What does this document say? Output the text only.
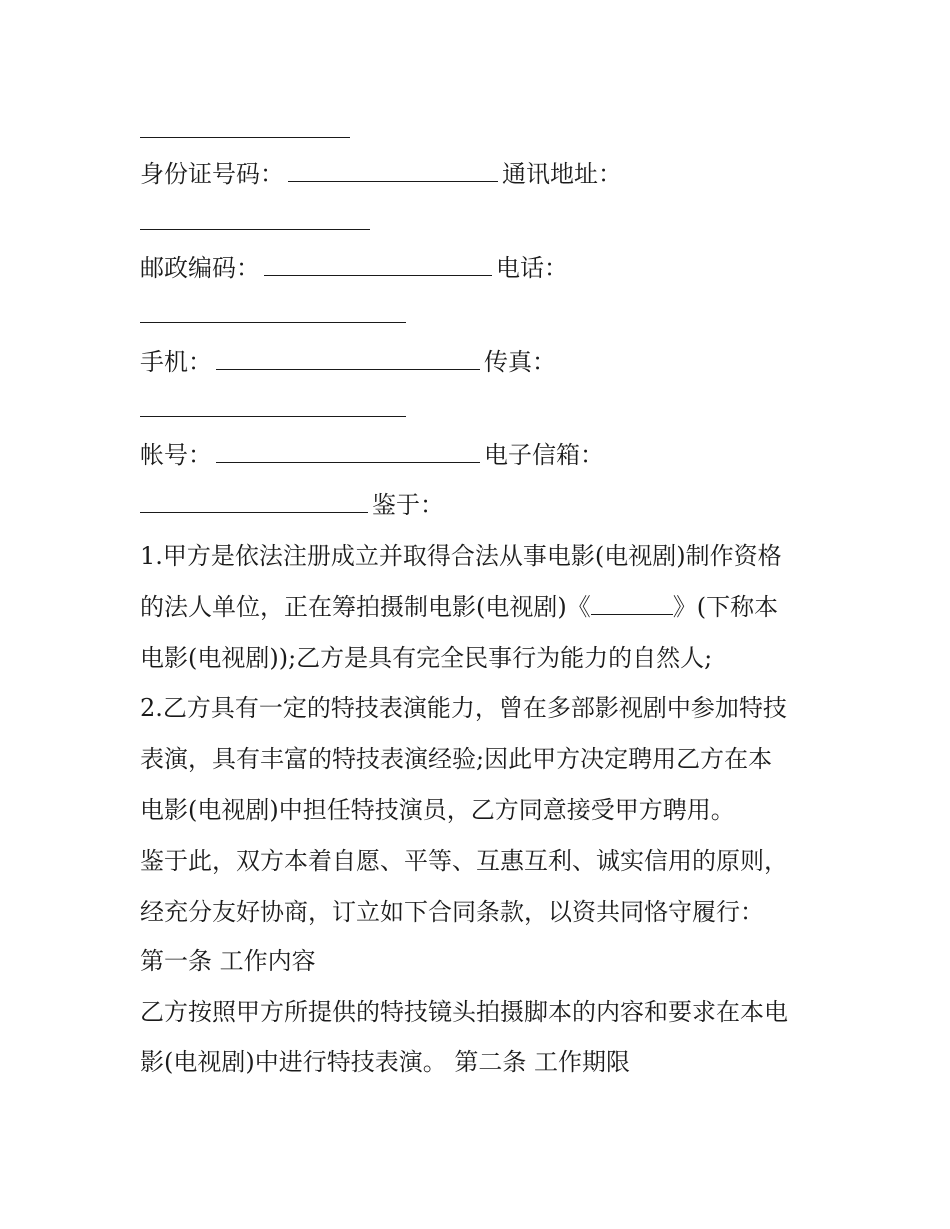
身份证号码：	通讯地址：

邮政编码：	电话：

手机：	传真：

帐号：	电子信箱：

鉴于：

1.甲方是依法注册成立并取得合法从事电影(电视剧)制作资格

的法人单位，正在筹拍摄制电影(电视剧)《	》(下称本

电影(电视剧));乙方是具有完全民事行为能力的自然人;

2.乙方具有一定的特技表演能力，曾在多部影视剧中参加特技

表演，具有丰富的特技表演经验;因此甲方决定聘用乙方在本

电影(电视剧)中担任特技演员，乙方同意接受甲方聘用。

鉴于此，双方本着自愿、平等、互惠互利、诚实信用的原则，

经充分友好协商，订立如下合同条款，以资共同恪守履行：

第一条 工作内容

乙方按照甲方所提供的特技镜头拍摄脚本的内容和要求在本电

影(电视剧)中进行特技表演。 第二条 工作期限
